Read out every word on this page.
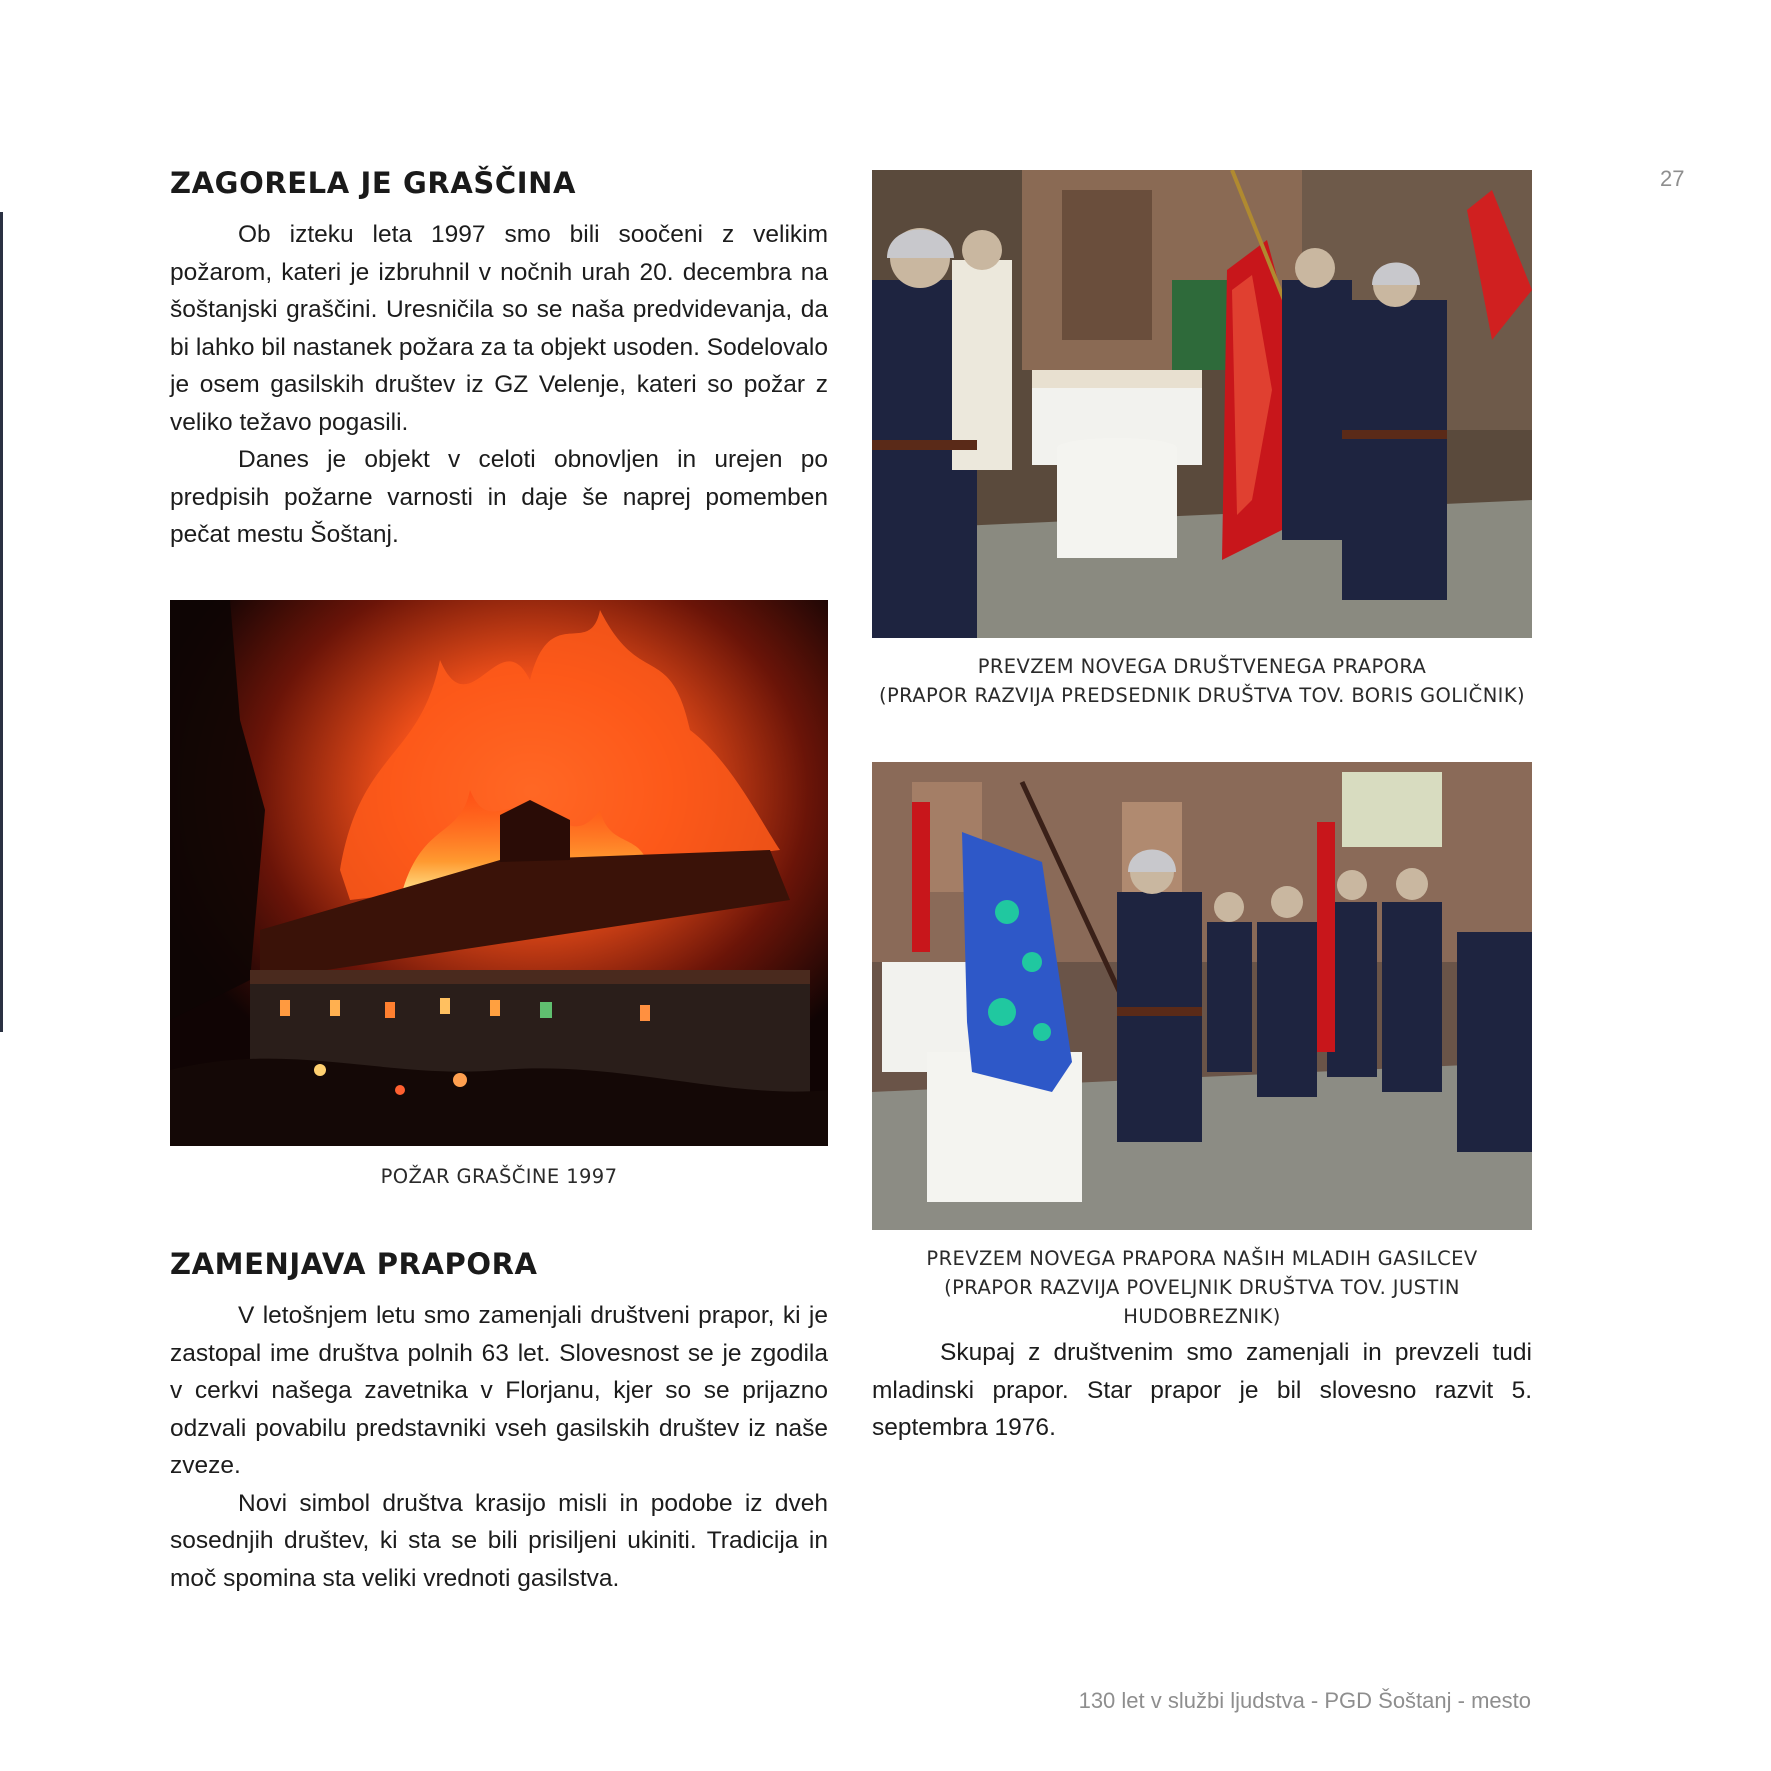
27
ZAGORELA JE GRAŠČINA

Ob izteku leta 1997 smo bili soočeni z velikim požarom, kateri je izbruhnil v nočnih urah 20. decembra na šoštanjski graščini. Uresničila so se naša predvidevanja, da bi lahko bil nastanek požara za ta objekt usoden. Sodelovalo je osem gasilskih društev iz GZ Velenje, kateri so požar z veliko težavo pogasili.

Danes je objekt v celoti obnovljen in urejen po predpisih požarne varnosti in daje še naprej pomemben pečat mestu Šoštanj.

POŽAR GRAŠČINE 1997
ZAMENJAVA PRAPORA

V letošnjem letu smo zamenjali društveni prapor, ki je zastopal ime društva polnih 63 let. Slovesnost se je zgodila v cerkvi našega zavetnika v Florjanu, kjer so se prijazno odzvali povabilu predstavniki vseh gasilskih društev iz naše zveze.

Novi simbol društva krasijo misli in podobe iz dveh sosednjih društev, ki sta se bili prisiljeni ukiniti. Tradicija in moč spomina sta veliki vrednoti gasilstva.

PREVZEM NOVEGA DRUŠTVENEGA PRAPORA
(PRAPOR RAZVIJA PREDSEDNIK DRUŠTVA TOV. BORIS GOLIČNIK)
PREVZEM NOVEGA PRAPORA NAŠIH MLADIH GASILCEV
(PRAPOR RAZVIJA POVELJNIK DRUŠTVA TOV. JUSTIN HUDOBREZNIK)

Skupaj z društvenim smo zamenjali in prevzeli tudi mladinski prapor. Star prapor je bil slovesno razvit 5. septembra 1976.

130 let v službi ljudstva - PGD Šoštanj - mesto
